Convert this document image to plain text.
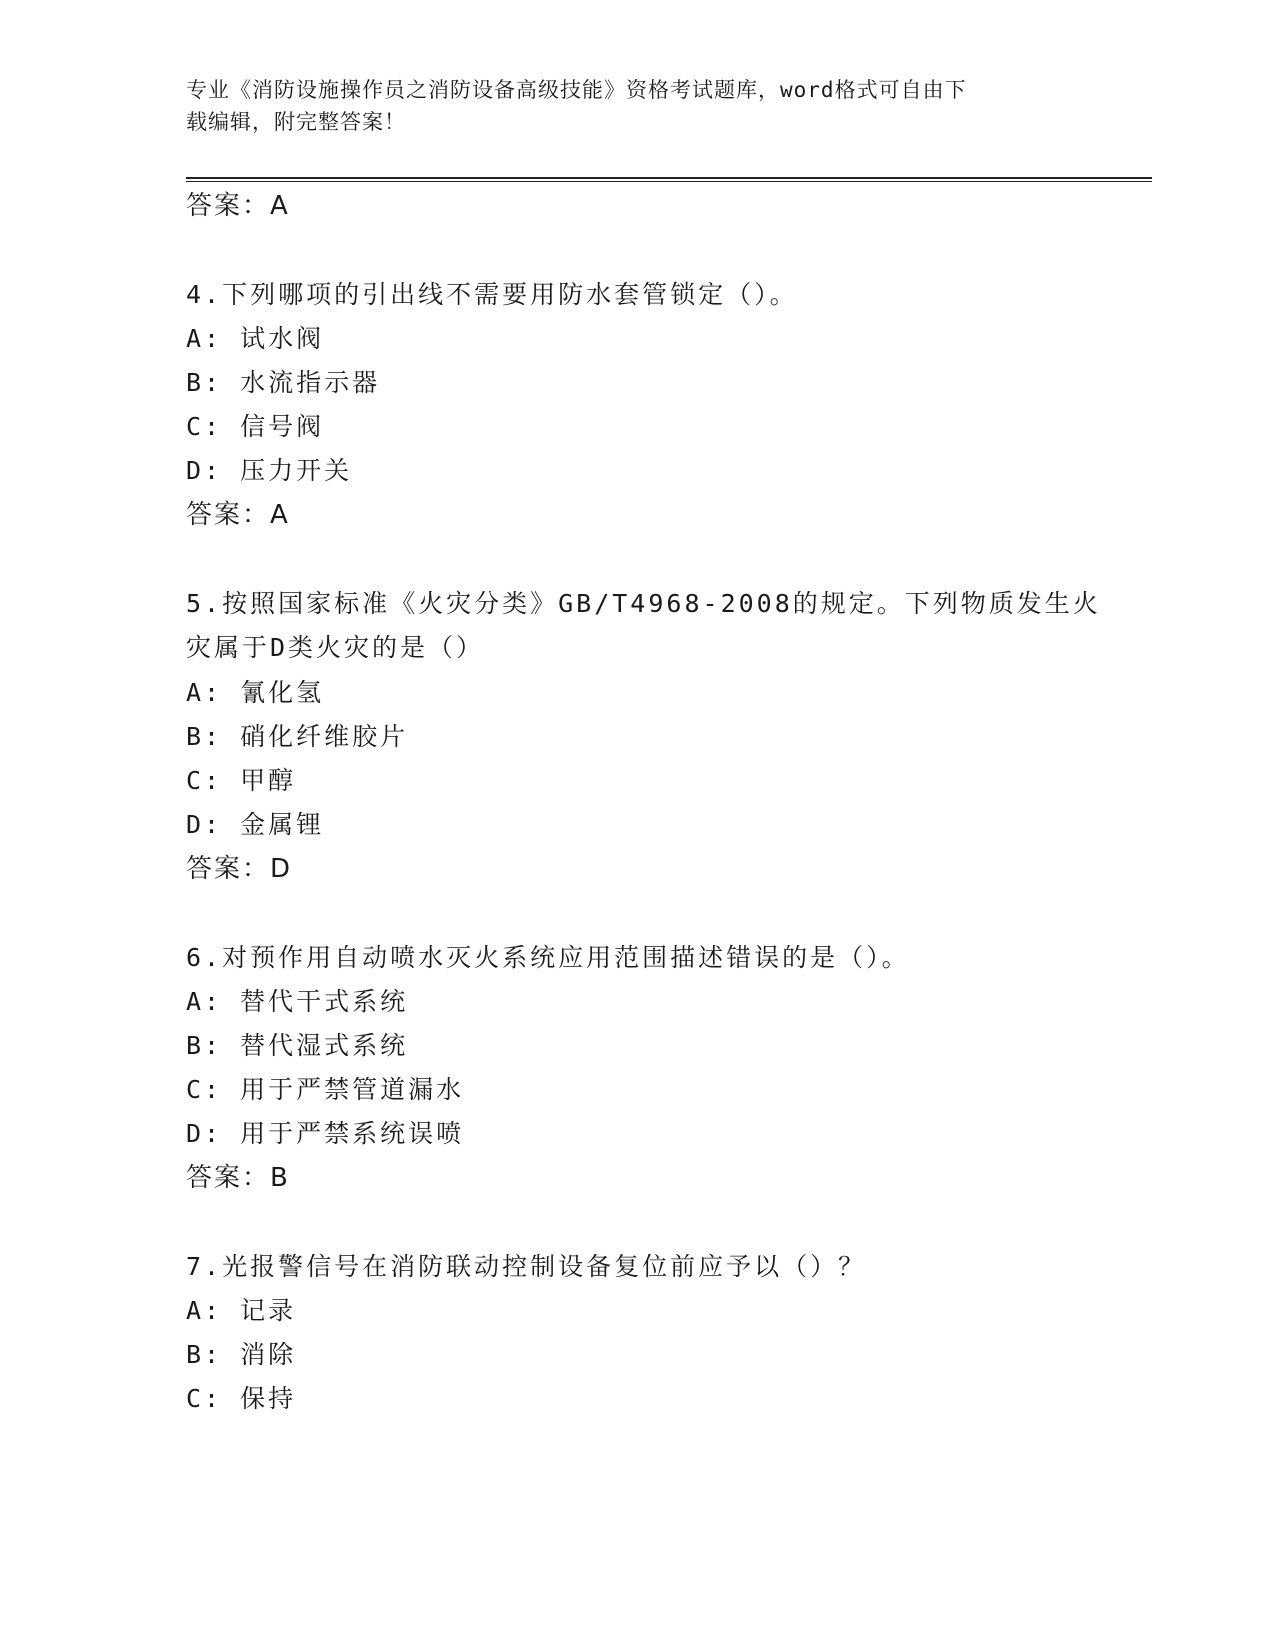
专业《消防设施操作员之消防设备高级技能》资格考试题库，word格式可自由下
载编辑，附完整答案！
答案：A
4.下列哪项的引出线不需要用防水套管锁定（）。
A: 试水阀
B: 水流指示器
C: 信号阀
D: 压力开关
答案：A
5.按照国家标准《火灾分类》GB/T4968-2008的规定。下列物质发生火
灾属于D类火灾的是（）
A: 氰化氢
B: 硝化纤维胶片
C: 甲醇
D: 金属锂
答案：D
6.对预作用自动喷水灭火系统应用范围描述错误的是（）。
A: 替代干式系统
B: 替代湿式系统
C: 用于严禁管道漏水
D: 用于严禁系统误喷
答案：B
7.光报警信号在消防联动控制设备复位前应予以（）？
A: 记录
B: 消除
C: 保持
